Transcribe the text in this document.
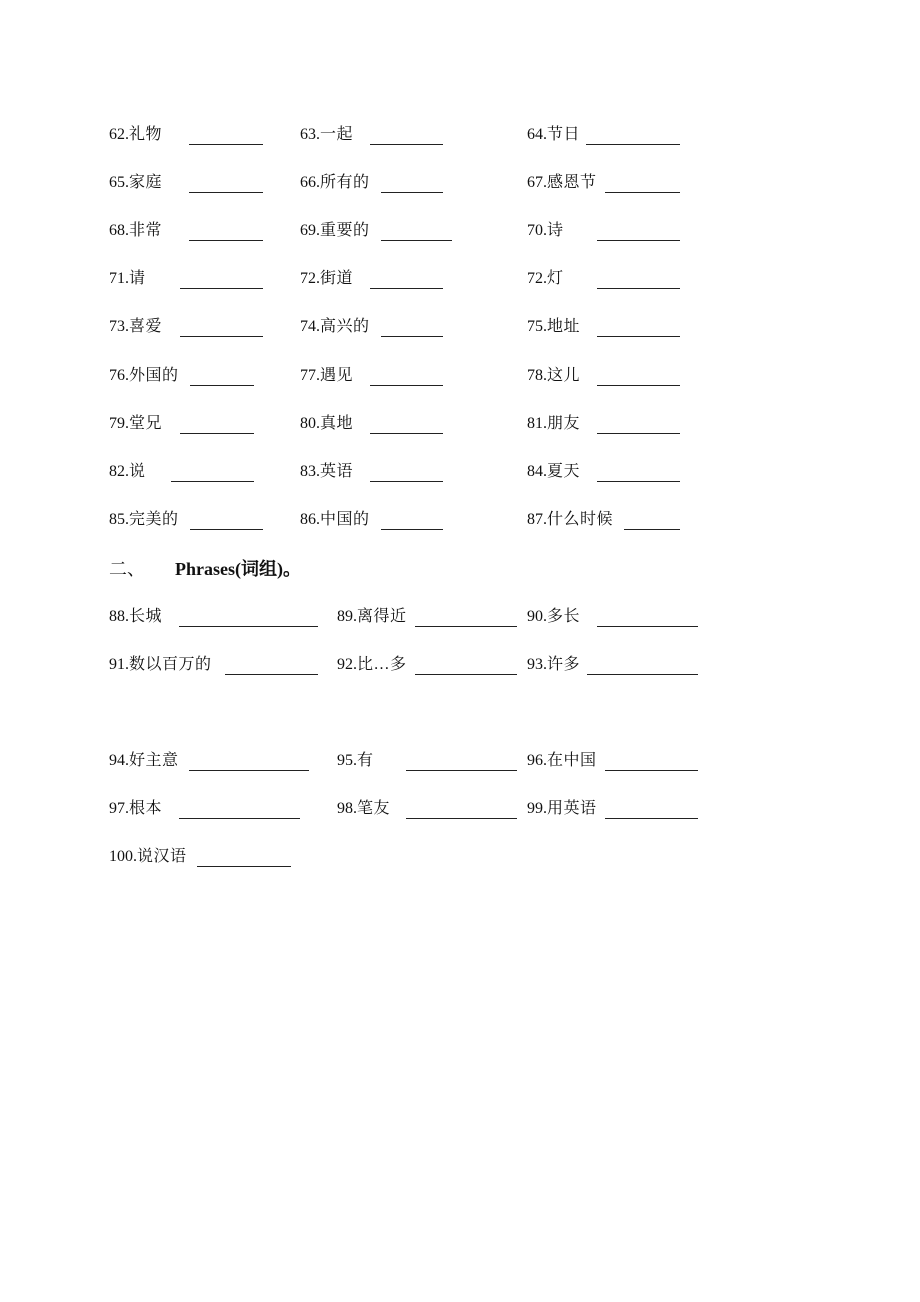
62. 礼物	63. 一起	64. 节日
65. 家庭	66. 所有的	67. 感恩节
68. 非常	69. 重要的	70. 诗
71. 请	72. 街道	72. 灯
73. 喜爱	74. 高兴的	75. 地址
76. 外国的	77. 遇见	78. 这儿
79. 堂兄	80. 真地	81. 朋友
82. 说	83. 英语	84. 夏天
85. 完美的	86. 中国的	87. 什么时候
二、 Phrases(词组)。
88. 长城	89. 离得近	90. 多长
91. 数以百万的	92. 比…多	93. 许多
94. 好主意	95. 有	96. 在中国
97. 根本	98. 笔友	99. 用英语
100. 说汉语
